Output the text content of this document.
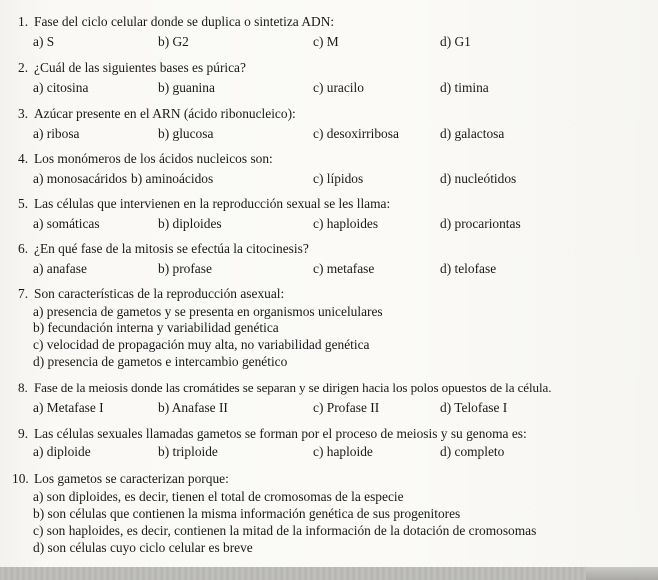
1. Fase del ciclo celular donde se duplica o sintetiza ADN:
a) S	b) G2	c) M	d) G1
2. ¿Cuál de las siguientes bases es púrica?
a) citosina	b) guanina	c) uracilo	d) timina
3. Azúcar presente en el ARN (ácido ribonucleico):
a) ribosa	b) glucosa	c) desoxirribosa	d) galactosa
4. Los monómeros de los ácidos nucleicos son:
a) monosacáridos b) aminoácidos	c) lípidos	d) nucleótidos
5. Las células que intervienen en la reproducción sexual se les llama:
a) somáticas	b) diploides	c) haploides	d) procariontas
6. ¿En qué fase de la mitosis se efectúa la citocinesis?
a) anafase	b) profase	c) metafase	d) telofase
7. Son características de la reproducción asexual:
a) presencia de gametos y se presenta en organismos unicelulares
b) fecundación interna y variabilidad genética
c) velocidad de propagación muy alta, no variabilidad genética
d) presencia de gametos e intercambio genético
8. Fase de la meiosis donde las cromátides se separan y se dirigen hacia los polos opuestos de la célula.
a) Metafase I	b) Anafase II	c) Profase II	d) Telofase I
9. Las células sexuales llamadas gametos se forman por el proceso de meiosis y su genoma es:
a) diploide	b) triploide	c) haploide	d) completo
10. Los gametos se caracterizan porque:
a) son diploides, es decir, tienen el total de cromosomas de la especie
b) son células que contienen la misma información genética de sus progenitores
c) son haploides, es decir, contienen la mitad de la información de la dotación de cromosomas
d) son células cuyo ciclo celular es breve
